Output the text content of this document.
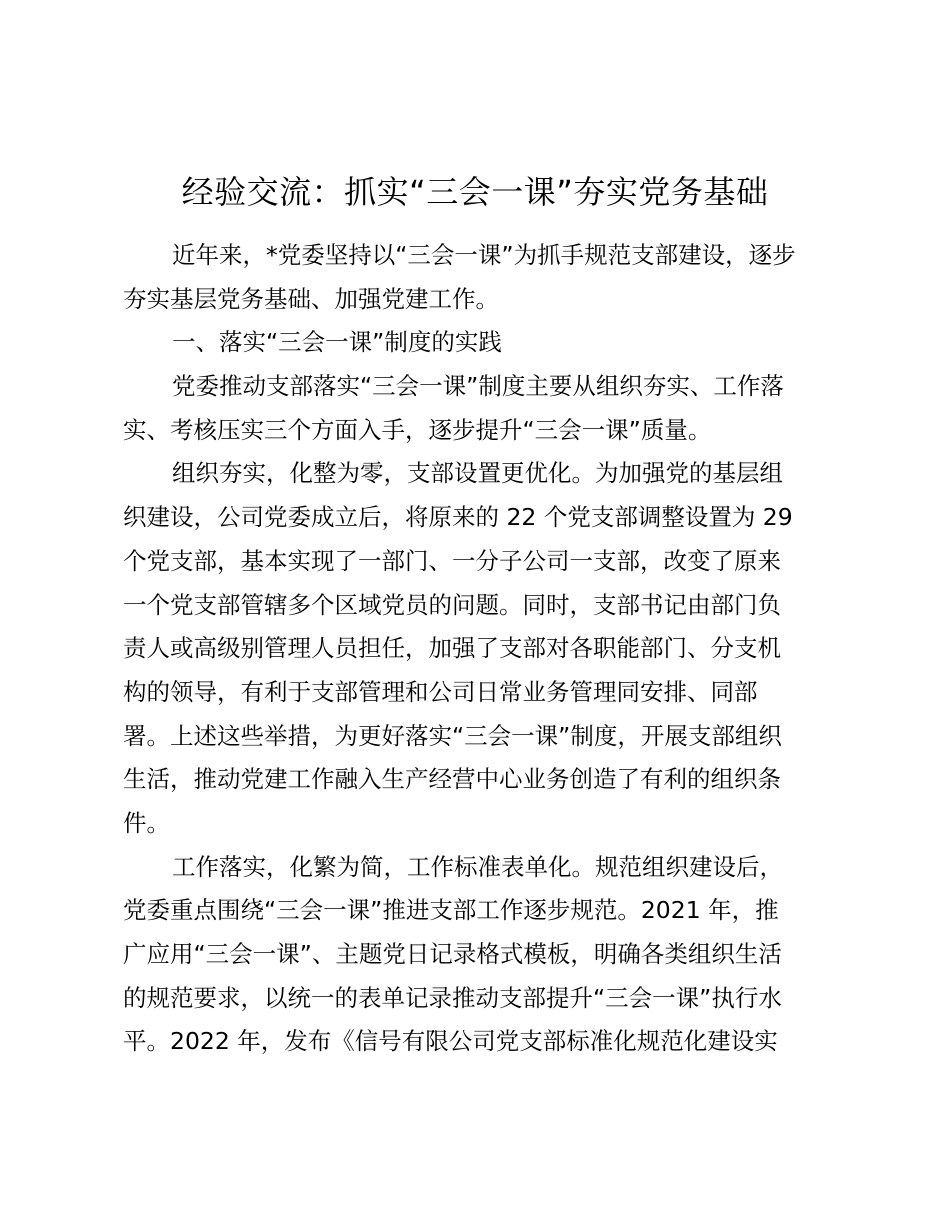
经验交流：抓实“三会一课”夯实党务基础
近年来，*党委坚持以“三会一课”为抓手规范支部建设，逐步
夯实基层党务基础、加强党建工作。
一、落实“三会一课”制度的实践
党委推动支部落实“三会一课”制度主要从组织夯实、工作落
实、考核压实三个方面入手，逐步提升“三会一课”质量。
组织夯实，化整为零，支部设置更优化。为加强党的基层组
织建设，公司党委成立后，将原来的 22 个党支部调整设置为 29
个党支部，基本实现了一部门、一分子公司一支部，改变了原来
一个党支部管辖多个区域党员的问题。同时，支部书记由部门负
责人或高级别管理人员担任，加强了支部对各职能部门、分支机
构的领导，有利于支部管理和公司日常业务管理同安排、同部
署。上述这些举措，为更好落实“三会一课”制度，开展支部组织
生活，推动党建工作融入生产经营中心业务创造了有利的组织条
件。
工作落实，化繁为简，工作标准表单化。规范组织建设后，
党委重点围绕“三会一课”推进支部工作逐步规范。2021 年，推
广应用“三会一课”、主题党日记录格式模板，明确各类组织生活
的规范要求，以统一的表单记录推动支部提升“三会一课”执行水
平。2022 年，发布《信号有限公司党支部标准化规范化建设实
